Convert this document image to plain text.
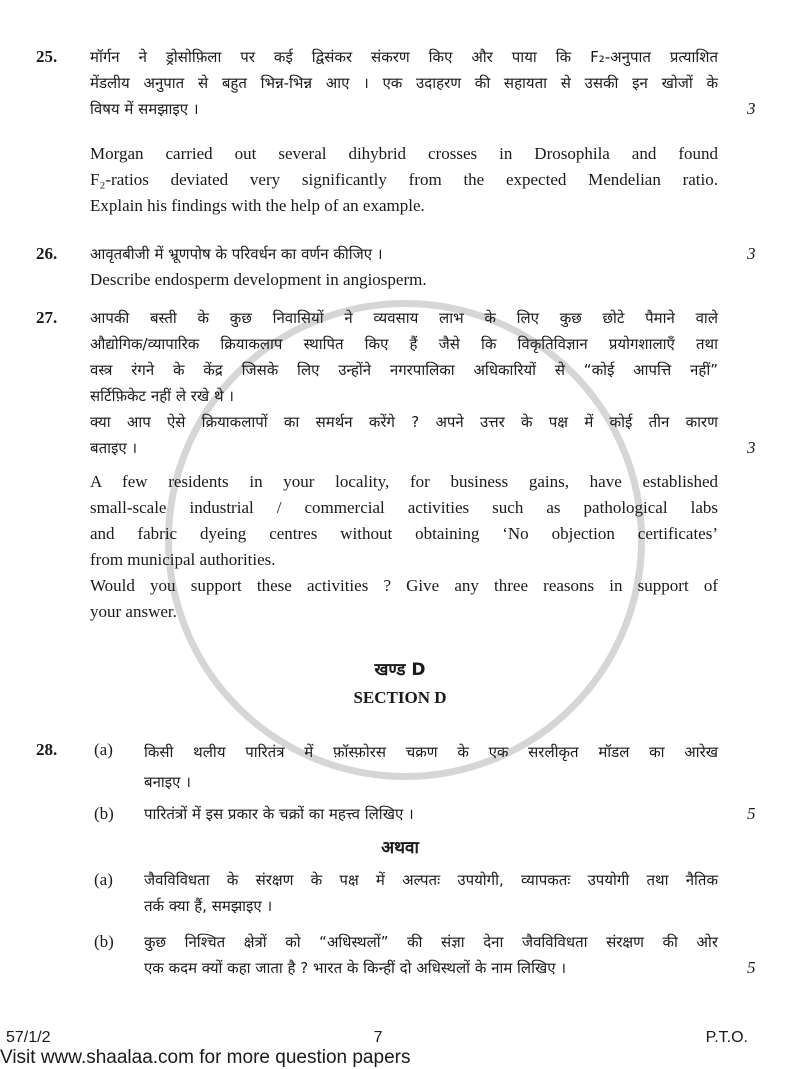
25. मॉर्गन ने ड्रोसोफ़िला पर कई द्विसंकर संकरण किए और पाया कि F₂-अनुपात प्रत्याशित
मेंडलीय अनुपात से बहुत भिन्न-भिन्न आए । एक उदाहरण की सहायता से उसकी इन खोजों के
विषय में समझाइए ।	3
Morgan carried out several dihybrid crosses in Drosophila and found
F₂-ratios deviated very significantly from the expected Mendelian ratio.
Explain his findings with the help of an example.
26. आवृतबीजी में भ्रूणपोष के परिवर्धन का वर्णन कीजिए ।	3
Describe endosperm development in angiosperm.
27. आपकी बस्ती के कुछ निवासियों ने व्यवसाय लाभ के लिए कुछ छोटे पैमाने वाले
औद्योगिक/व्यापारिक क्रियाकलाप स्थापित किए हैं जैसे कि विकृतिविज्ञान प्रयोगशालाएँ तथा
वस्त्र रंगने के केंद्र जिसके लिए उन्होंने नगरपालिका अधिकारियों से “कोई आपत्ति नहीं”
सर्टिफ़िकेट नहीं ले रखे थे ।
क्या आप ऐसे क्रियाकलापों का समर्थन करेंगे ? अपने उत्तर के पक्ष में कोई तीन कारण
बताइए ।	3
A few residents in your locality, for business gains, have established
small-scale industrial / commercial activities such as pathological labs
and fabric dyeing centres without obtaining ‘No objection certificates’
from municipal authorities.
Would you support these activities ? Give any three reasons in support of
your answer.
खण्ड D
SECTION D
28. (a) किसी थलीय पारितंत्र में फ़ॉस्फ़ोरस चक्रण के एक सरलीकृत मॉडल का आरेख
बनाइए ।
(b) पारितंत्रों में इस प्रकार के चक्रों का महत्त्व लिखिए ।	5
अथवा
(a) जैवविविधता के संरक्षण के पक्ष में अल्पतः उपयोगी, व्यापकतः उपयोगी तथा नैतिक
तर्क क्या हैं, समझाइए ।
(b) कुछ निश्चित क्षेत्रों को “अधिस्थलों” की संज्ञा देना जैवविविधता संरक्षण की ओर
एक कदम क्यों कहा जाता है ? भारत के किन्हीं दो अधिस्थलों के नाम लिखिए ।	5
57/1/2	7	P.T.O.
Visit www.shaalaa.com for more question papers
